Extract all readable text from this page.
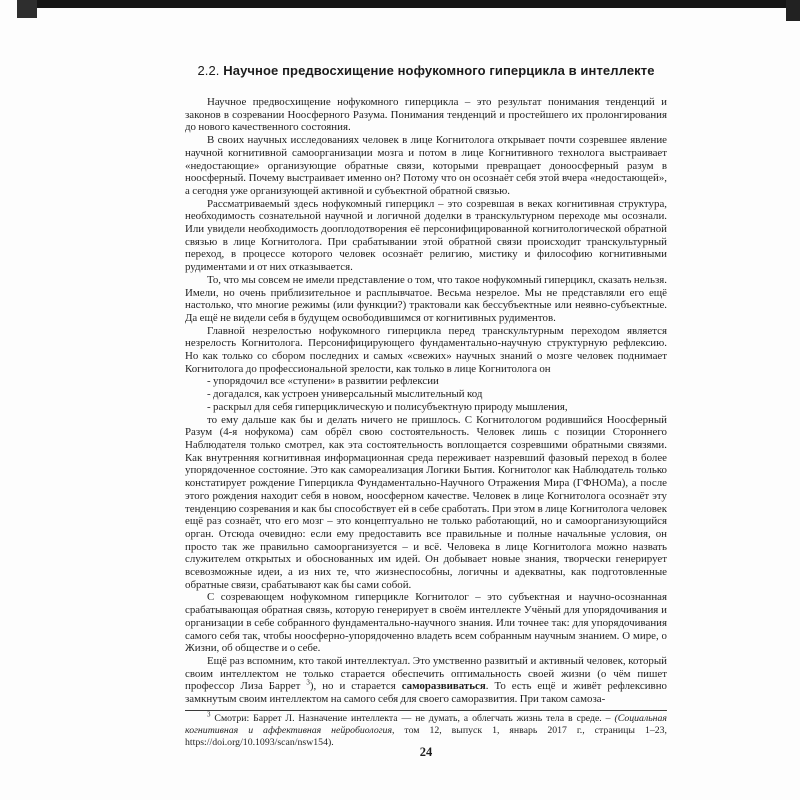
2.2. Научное предвосхищение нофукомного гиперцикла в интеллекте

Научное предвосхищение нофукомного гиперцикла – это результат понимания тенденций и законов в созревании Ноосферного Разума. Понимания тенденций и простейшего их пролонгирования до нового качественного состояния.

В своих научных исследованиях человек в лице Когнитолога открывает почти созревшее явление научной когнитивной самоорганизации мозга и потом в лице Когнитивного технолога выстраивает «недостающие» организующие обратные связи, которыми превращает доноосферный разум в ноосферный. Почему выстраивает именно он? Потому что он осознаёт себя этой вчера «недостающей», а сегодня уже организующей активной и субъектной обратной связью.

Рассматриваемый здесь нофукомный гиперцикл – это созревшая в веках когнитивная структура, необходимость сознательной научной и логичной доделки в транскультурном переходе мы осознали. Или увидели необходимость дооплодотворения её персонифицированной когнитологической обратной связью в лице Когнитолога. При срабатывании этой обратной связи происходит транскультурный переход, в процессе которого человек осознаёт религию, мистику и философию когнитивными рудиментами и от них отказывается.

То, что мы совсем не имели представление о том, что такое нофукомный гиперцикл, сказать нельзя. Имели, но очень приблизительное и расплывчатое. Весьма незрелое. Мы не представляли его ещё настолько, что многие режимы (или функции?) трактовали как бессубъектные или неявно-субъектные. Да ещё не видели себя в будущем освободившимся от когнитивных рудиментов.

Главной незрелостью нофукомного гиперцикла перед транскультурным переходом является незрелость Когнитолога. Персонифицирующего фундаментально-научную структурную рефлексию. Но как только со сбором последних и самых «свежих» научных знаний о мозге человек поднимает Когнитолога до профессиональной зрелости, как только в лице Когнитолога он

- упорядочил все «ступени» в развитии рефлексии

- догадался, как устроен универсальный мыслительный код

- раскрыл для себя гиперциклическую и полисубъектную природу мышления,

то ему дальше как бы и делать ничего не пришлось. С Когнитологом родившийся Ноосферный Разум (4-я нофукома) сам обрёл свою состоятельность. Человек лишь с позиции Стороннего Наблюдателя только смотрел, как эта состоятельность воплощается созревшими обратными связями. Как внутренняя когнитивная информационная среда переживает назревший фазовый переход в более упорядоченное состояние. Это как самореализация Логики Бытия. Когнитолог как Наблюдатель только констатирует рождение Гиперцикла Фундаментально-Научного Отражения Мира (ГФНОМа), а после этого рождения находит себя в новом, ноосферном качестве. Человек в лице Когнитолога осознаёт эту тенденцию созревания и как бы способствует ей в себе сработать. При этом в лице Когнитолога человек ещё раз сознаёт, что его мозг – это концептуально не только работающий, но и самоорганизующийся орган. Отсюда очевидно: если ему предоставить все правильные и полные начальные условия, он просто так же правильно самоорганизуется – и всё. Человека в лице Когнитолога можно назвать служителем открытых и обоснованных им идей. Он добывает новые знания, творчески генерирует всевозможные идеи, а из них те, что жизнеспособны, логичны и адекватны, как подготовленные обратные связи, срабатывают как бы сами собой.

С созревающем нофукомном гиперцикле Когнитолог – это субъектная и научно-осознанная срабатывающая обратная связь, которую генерирует в своём интеллекте Учёный для упорядочивания и организации в себе собранного фундаментально-научного знания. Или точнее так: для упорядочивания самого себя так, чтобы ноосферно-упорядоченно владеть всем собранным научным знанием. О мире, о Жизни, об обществе и о себе.

Ещё раз вспомним, кто такой интеллектуал. Это умственно развитый и активный человек, который своим интеллектом не только старается обеспечить оптимальность своей жизни (о чём пишет профессор Лиза Баррет $^3$), но и старается саморазвиваться. То есть ещё и живёт рефлексивно замкнутым своим интеллектом на самого себя для своего саморазвития. При таком самоза-

$^3$ Смотри: Баррет Л. Назначение интеллекта — не думать, а облегчать жизнь тела в среде. – (Социальная когнитивная и аффективная нейробиология, том 12, выпуск 1, январь 2017 г., страницы 1–23, https://doi.org/10.1093/scan/nsw154).

24
